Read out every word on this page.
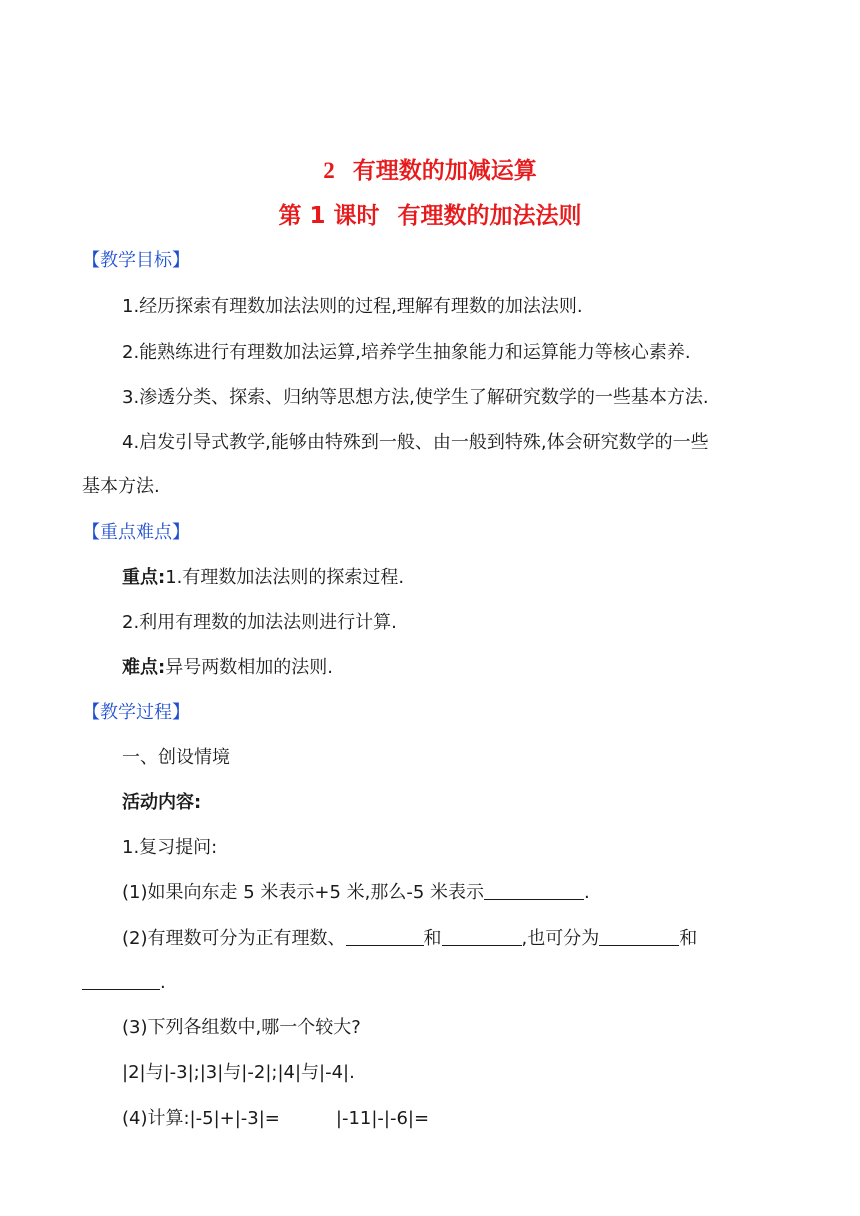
2 有理数的加减运算
第 1 课时 有理数的加法法则
【教学目标】
1.经历探索有理数加法法则的过程,理解有理数的加法法则.
2.能熟练进行有理数加法运算,培养学生抽象能力和运算能力等核心素养.
3.渗透分类、探索、归纳等思想方法,使学生了解研究数学的一些基本方法.
4.启发引导式教学,能够由特殊到一般、由一般到特殊,体会研究数学的一些
基本方法.
【重点难点】
重点:1.有理数加法法则的探索过程.
2.利用有理数的加法法则进行计算.
难点:异号两数相加的法则.
【教学过程】
一、创设情境
活动内容:
1.复习提问:
(1)如果向东走 5 米表示+5 米,那么-5 米表示	.
(2)有理数可分为正有理数、	和	,也可分为	和
.
(3)下列各组数中,哪一个较大?
|2|与|-3|;|3|与|-2|;|4|与|-4|.
(4)计算:|-5|+|-3|=	|-11|-|-6|=
